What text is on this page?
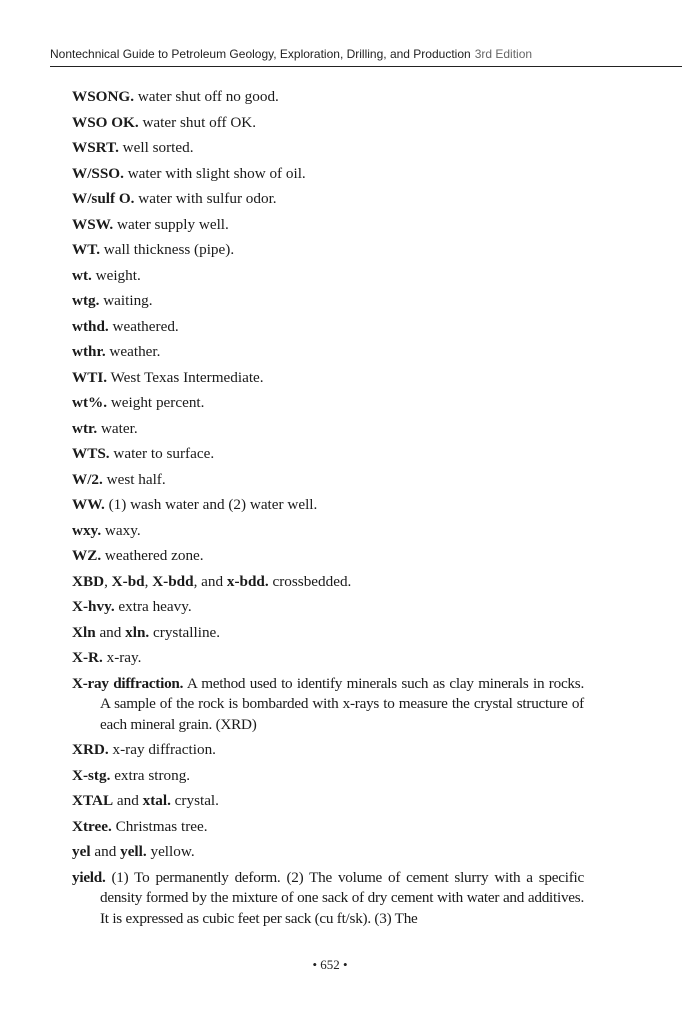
Nontechnical Guide to Petroleum Geology, Exploration, Drilling, and Production 3rd Edition

WSONG. water shut off no good.

WSO OK. water shut off OK.

WSRT. well sorted.

W/SSO. water with slight show of oil.

W/sulf O. water with sulfur odor.

WSW. water supply well.

WT. wall thickness (pipe).

wt. weight.

wtg. waiting.

wthd. weathered.

wthr. weather.

WTI. West Texas Intermediate.

wt%. weight percent.

wtr. water.

WTS. water to surface.

W/2. west half.

WW. (1) wash water and (2) water well.

wxy. waxy.

WZ. weathered zone.

XBD, X-bd, X-bdd, and x-bdd. crossbedded.

X-hvy. extra heavy.

Xln and xln. crystalline.

X-R. x-ray.

X-ray diffraction. A method used to identify minerals such as clay minerals in rocks. A sample of the rock is bombarded with x-rays to measure the crystal structure of each mineral grain. (XRD)

XRD. x-ray diffraction.

X-stg. extra strong.

XTAL and xtal. crystal.

Xtree. Christmas tree.

yel and yell. yellow.

yield. (1) To permanently deform. (2) The volume of cement slurry with a specific density formed by the mixture of one sack of dry cement with water and additives. It is expressed as cubic feet per sack (cu ft/sk). (3) The

• 652 •
